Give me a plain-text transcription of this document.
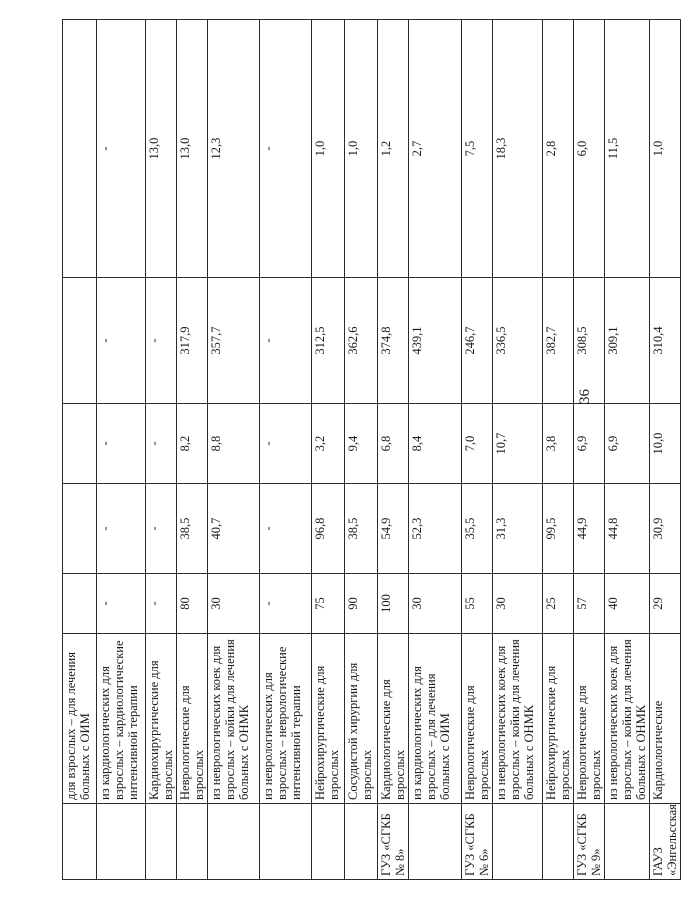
	для взрослых – для лечения больных с ОИМ					
	из кардиологических для взрослых – кардиологические интенсивной терапии	-	-	-	-	-
	Кардиохирургические для взрослых	-	-	-	-	13,0
	Неврологические для взрослых	80	38,5	8,2	317,9	13,0
	из неврологических коек для взрослых – койки для лечения больных с ОНМК	30	40,7	8,8	357,7	12,3
	из неврологических для взрослых – неврологические интенсивной терапии	-	-	-	-	-
	Нейрохирургические для взрослых	75	96,8	3,2	312,5	1,0
	Сосудистой хирургии для взрослых	90	38,5	9,4	362,6	1,0
ГУЗ «СГКБ № 8»	Кардиологические для взрослых	100	54,9	6,8	374,8	1,2
	из кардиологических для взрослых – для лечения больных с ОИМ	30	52,3	8,4	439,1	2,7
ГУЗ «СГКБ № 6»	Неврологические для взрослых	55	35,5	7,0	246,7	7,5
	из неврологических коек для взрослых – койки для лечения больных с ОНМК	30	31,3	10,7	336,5	18,3
	Нейрохирургические для взрослых	25	99,5	3,8	382,7	2,8
ГУЗ «СГКБ № 9»	Неврологические для взрослых	57	44,9	6,9	308,5	6,0
	из неврологических коек для взрослых – койки для лечения больных с ОНМК	40	44,8	6,9	309,1	11,5
ГАУЗ «Энгельсская	Кардиологические	29	30,9	10,0	310,4	1,0
36
